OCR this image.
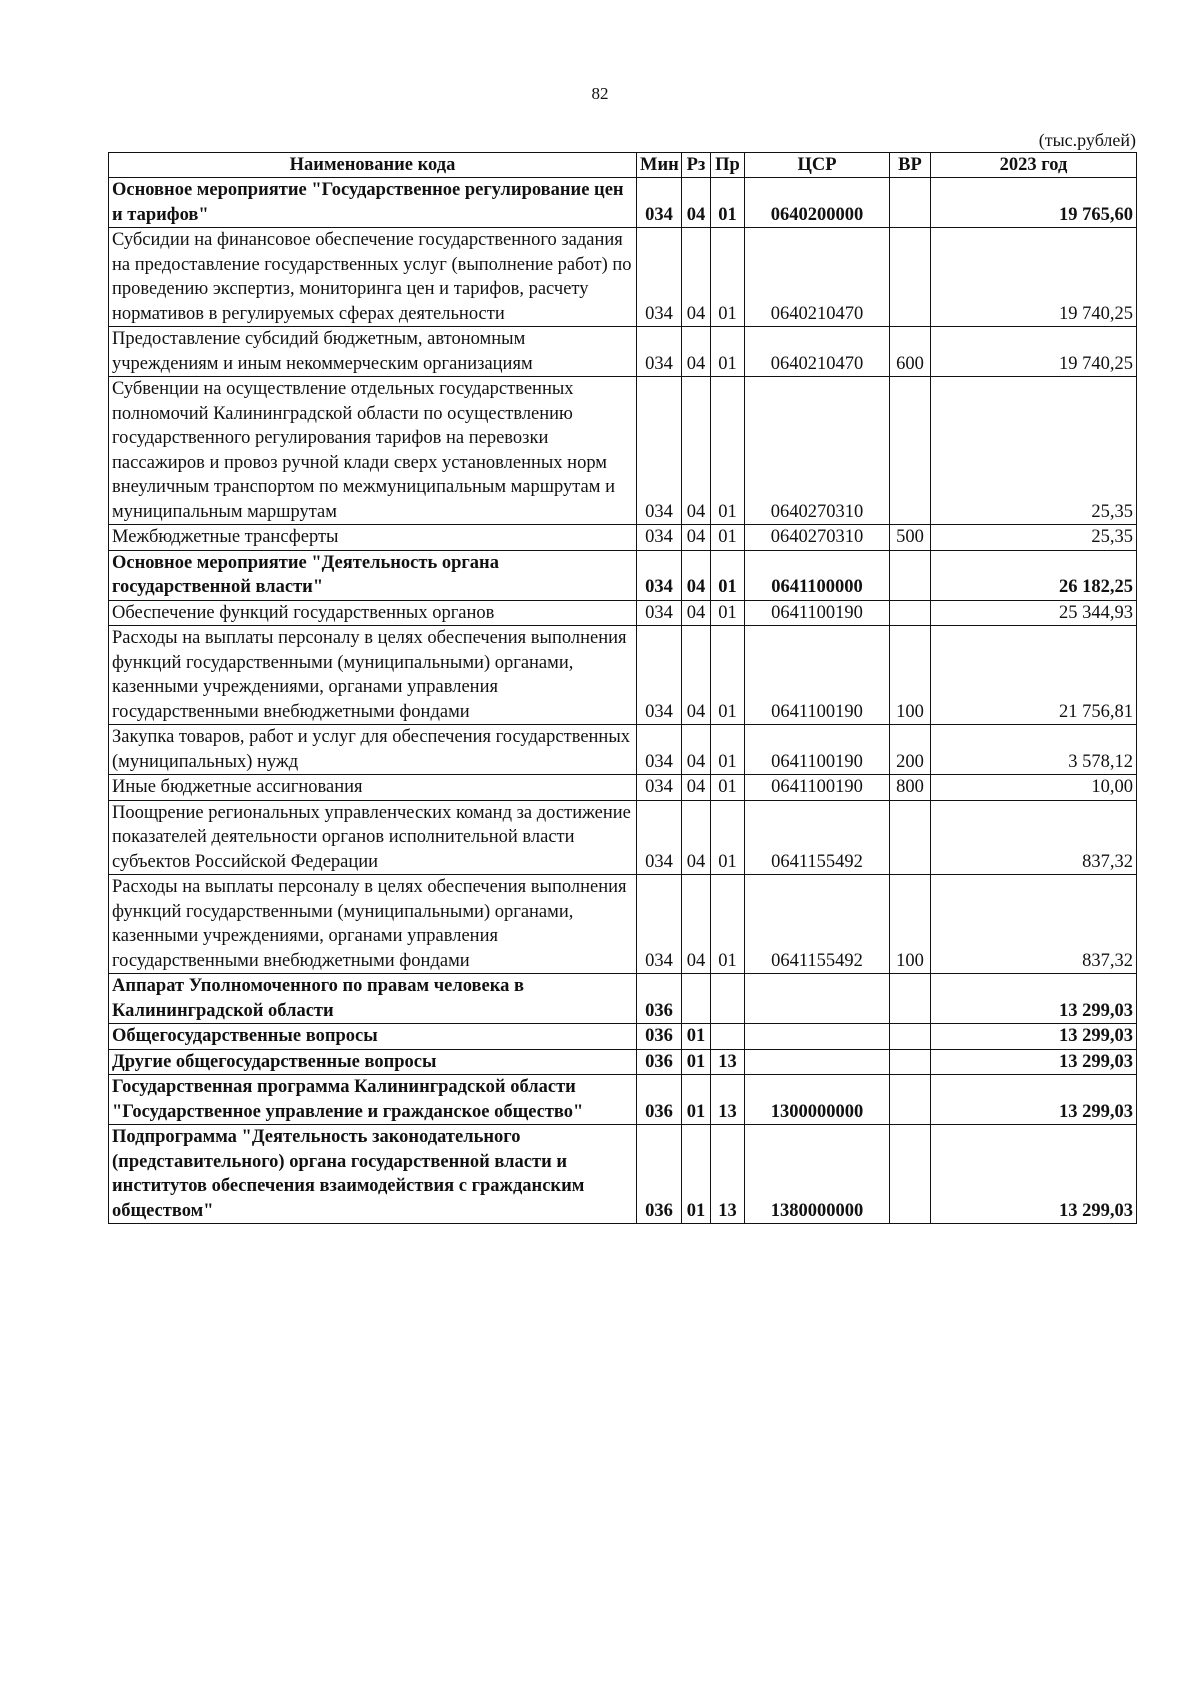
82
(тыс.рублей)
Наименование кода	Мин	Рз	Пр	ЦСР	ВР	2023 год
Основное мероприятие "Государственное регулирование цен и тарифов"	034	04	01	0640200000		19 765,60
Субсидии на финансовое обеспечение государственного задания на предоставление государственных услуг (выполнение работ) по проведению экспертиз, мониторинга цен и тарифов, расчету нормативов в регулируемых сферах деятельности	034	04	01	0640210470		19 740,25
Предоставление субсидий бюджетным, автономным учреждениям и иным некоммерческим организациям	034	04	01	0640210470	600	19 740,25
Субвенции на осуществление отдельных государственных полномочий Калининградской области по осуществлению государственного регулирования тарифов на перевозки пассажиров и провоз ручной клади сверх установленных норм внеуличным транспортом по межмуниципальным маршрутам и муниципальным маршрутам	034	04	01	0640270310		25,35
Межбюджетные трансферты	034	04	01	0640270310	500	25,35
Основное мероприятие "Деятельность органа государственной власти"	034	04	01	0641100000		26 182,25
Обеспечение функций государственных органов	034	04	01	0641100190		25 344,93
Расходы на выплаты персоналу в целях обеспечения выполнения функций государственными (муниципальными) органами, казенными учреждениями, органами управления государственными внебюджетными фондами	034	04	01	0641100190	100	21 756,81
Закупка товаров, работ и услуг для обеспечения государственных (муниципальных) нужд	034	04	01	0641100190	200	3 578,12
Иные бюджетные ассигнования	034	04	01	0641100190	800	10,00
Поощрение региональных управленческих команд за достижение показателей деятельности органов исполнительной власти субъектов Российской Федерации	034	04	01	0641155492		837,32
Расходы на выплаты персоналу в целях обеспечения выполнения функций государственными (муниципальными) органами, казенными учреждениями, органами управления государственными внебюджетными фондами	034	04	01	0641155492	100	837,32
Аппарат Уполномоченного по правам человека в Калининградской области	036					13 299,03
Общегосударственные вопросы	036	01				13 299,03
Другие общегосударственные вопросы	036	01	13			13 299,03
Государственная программа Калининградской области "Государственное управление и гражданское общество"	036	01	13	1300000000		13 299,03
Подпрограмма "Деятельность законодательного (представительного) органа государственной власти и институтов обеспечения взаимодействия с гражданским обществом"	036	01	13	1380000000		13 299,03
